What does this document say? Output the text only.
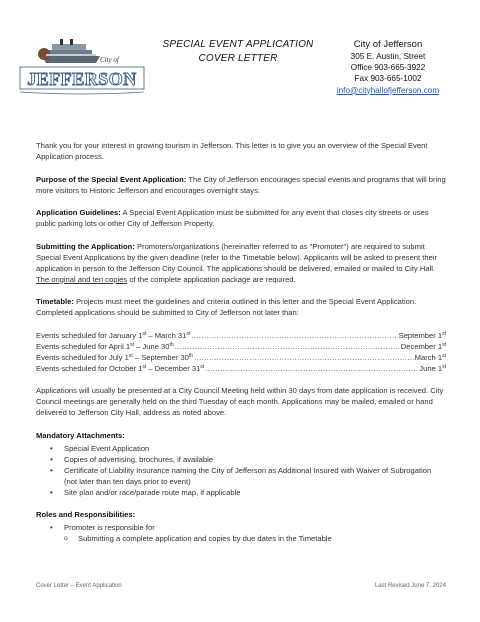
City of
JEFFERSON
SPECIAL EVENT APPLICATION
COVER LETTER
City of Jefferson
305 E. Austin, Street
Office 903-665-3922
Fax 903-665-1002
info@cityhallofjefferson.com

Thank you for your interest in growing tourism in Jefferson. This letter is to give you an overview of the Special Event Application process.

Purpose of the Special Event Application: The City of Jefferson encourages special events and programs that will bring more visitors to Historic Jefferson and encourages overnight stays.

Application Guidelines: A Special Event Application must be submitted for any event that closes city streets or uses public parking lots or other City of Jefferson Property.

Submitting the Application: Promoters/organizations (hereinafter referred to as "Promoter") are required to submit Special Event Applications by the given deadline (refer to the Timetable below). Applicants will be asked to present their application in person to the Jefferson City Council. The applications should be delivered, emailed or mailed to City Hall. The original and ten copies of the complete application package are required.

Timetable: Projects must meet the guidelines and criteria outlined in this letter and the Special Event Application. Completed applications should be submitted to City of Jefferson not later than:

Events scheduled for January 1st – March 31st .....	September 1st
Events scheduled for April 1st – June 30th .....	December 1st
Events scheduled for July 1st – September 30th .....	March 1st
Events scheduled for October 1st – December 31st .....	June 1st

Applications will usually be presented at a City Council Meeting held within 30 days from date application is received. City Council meetings are generally held on the third Tuesday of each month. Applications may be mailed, emailed or hand delivered to Jefferson City Hall, address as noted above.

Mandatory Attachments:
• Special Event Application
• Copies of advertising, brochures, if available
• Certificate of Liability Insurance naming the City of Jefferson as Additional Insured with Waiver of Subrogation (not later than ten days prior to event)
• Site plan and/or race/parade route map, if applicable
Roles and Responsibilities:
• Promoter is responsible for
o Submitting a complete application and copies by due dates in the Timetable
Cover Letter – Event Application	Last Revised June 7, 2024
